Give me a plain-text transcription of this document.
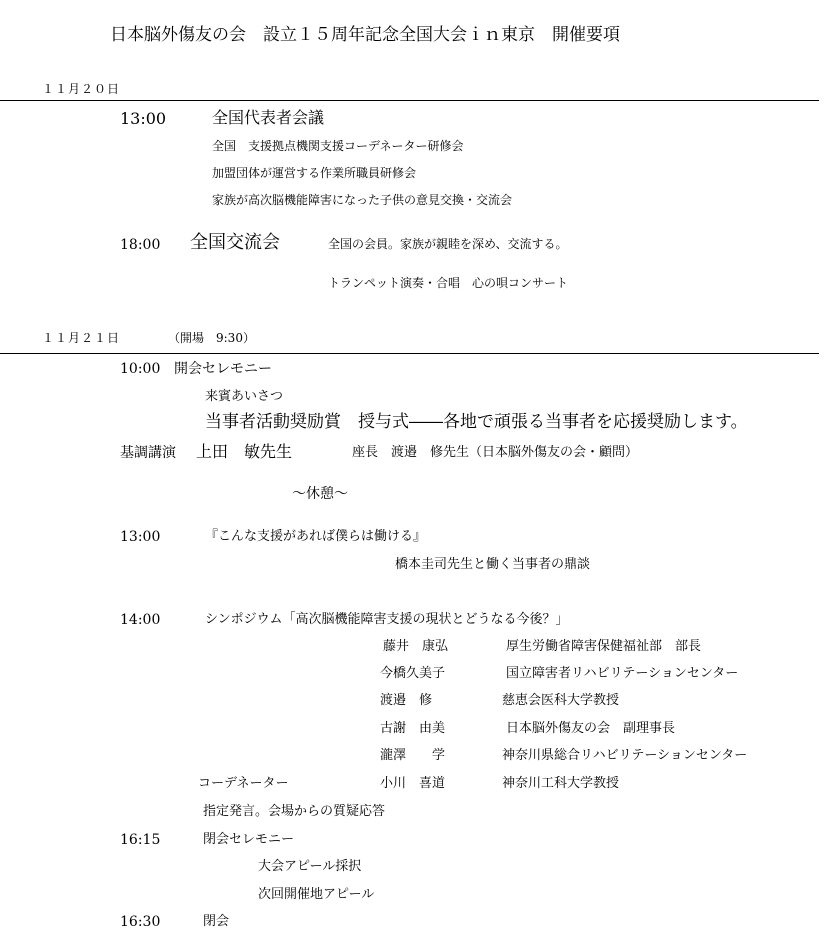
日本脳外傷友の会　設立１５周年記念全国大会ｉｎ東京　開催要項
１１月２０日
13:00	全国代表者会議
全国　支援拠点機関支援コーデネーター研修会
加盟団体が運営する作業所職員研修会
家族が高次脳機能障害になった子供の意見交換・交流会
18:00 全国交流会	全国の会員。家族が親睦を深め、交流する。
トランペット演奏・合唱　心の唄コンサート
１１月２１日	（開場　9:30）
10:00 開会セレモニー
来賓あいさつ
当事者活動奨励賞　授与式――各地で頑張る当事者を応援奨励します。
基調講演 上田　敏先生	座長　渡邉　修先生（日本脳外傷友の会・顧問）
～休憩～
13:00	『こんな支援があれば僕らは働ける』
橋本圭司先生と働く当事者の鼎談
14:00	シンポジウム「高次脳機能障害支援の現状とどうなる今後？」
藤井　康弘	厚生労働省障害保健福祉部　部長
今橋久美子	国立障害者リハビリテーションセンター
渡邉　修	慈恵会医科大学教授
古謝　由美	日本脳外傷友の会　副理事長
瀧澤　　学	神奈川県総合リハビリテーションセンター
コーデネーター	小川　喜道	神奈川工科大学教授
指定発言。会場からの質疑応答
16:15	閉会セレモニー
大会アピール採択
次回開催地アピール
16:30	閉会
